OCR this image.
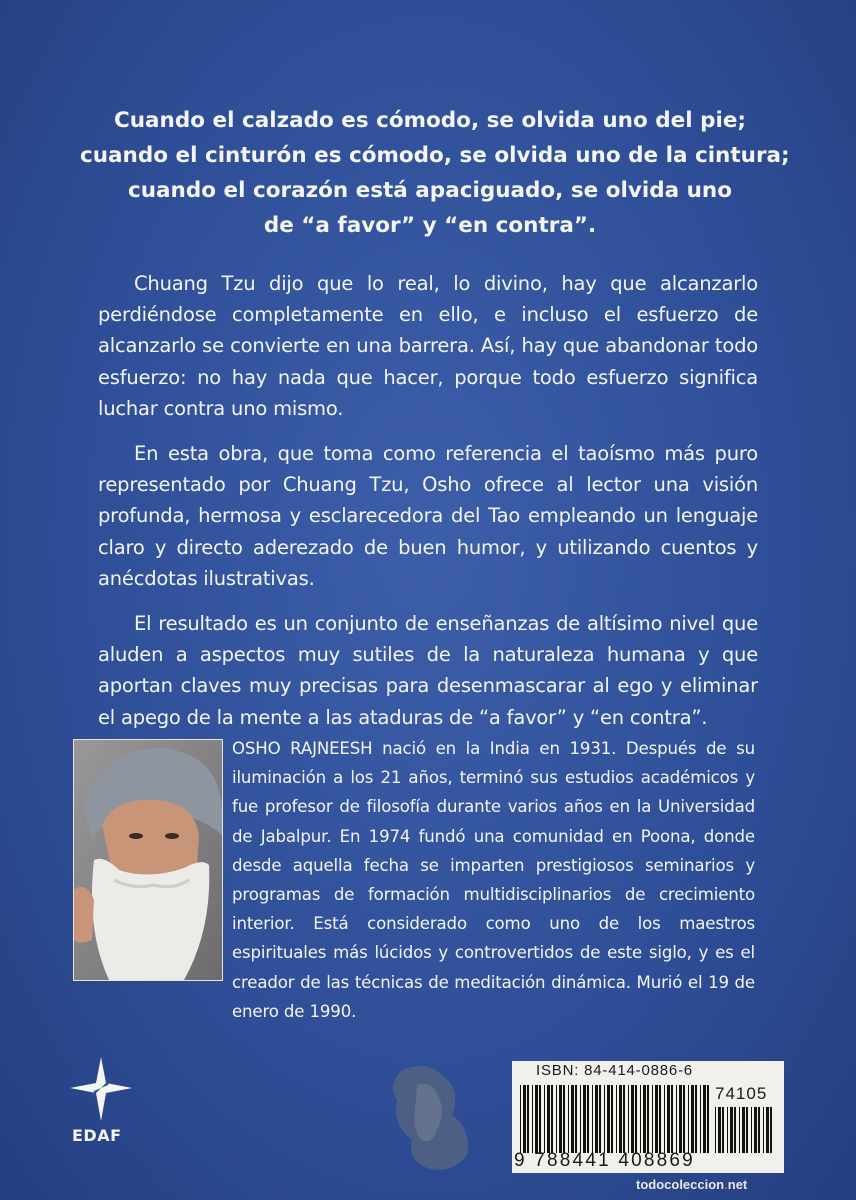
Cuando el calzado es cómodo, se olvida uno del pie;
cuando el cinturón es cómodo, se olvida uno de la cintura;
cuando el corazón está apaciguado, se olvida uno
de “a favor” y “en contra”.

Chuang Tzu dijo que lo real, lo divino, hay que alcanzarlo perdiéndose completamente en ello, e incluso el esfuerzo de alcanzarlo se convierte en una barrera. Así, hay que abandonar todo esfuerzo: no hay nada que hacer, porque todo esfuerzo significa luchar contra uno mismo.

En esta obra, que toma como referencia el taoísmo más puro representado por Chuang Tzu, Osho ofrece al lector una visión profunda, hermosa y esclarecedora del Tao empleando un lenguaje claro y directo aderezado de buen humor, y utilizando cuentos y anécdotas ilustrativas.

El resultado es un conjunto de enseñanzas de altísimo nivel que aluden a aspectos muy sutiles de la naturaleza humana y que aportan claves muy precisas para desenmascarar al ego y eliminar el apego de la mente a las ataduras de “a favor” y “en contra”.

OSHO RAJNEESH nació en la India en 1931. Después de su iluminación a los 21 años, terminó sus estudios académicos y fue profesor de filosofía durante varios años en la Universidad de Jabalpur. En 1974 fundó una comunidad en Poona, donde desde aquella fecha se imparten prestigiosos seminarios y programas de formación multidisciplinarios de crecimiento interior. Está considerado como uno de los maestros espirituales más lúcidos y controvertidos de este siglo, y es el creador de las técnicas de meditación dinámica. Murió el 19 de enero de 1990.

EDAF
ISBN: 84-414-0886-6
74105
9 788441 408869
todocoleccion.net
